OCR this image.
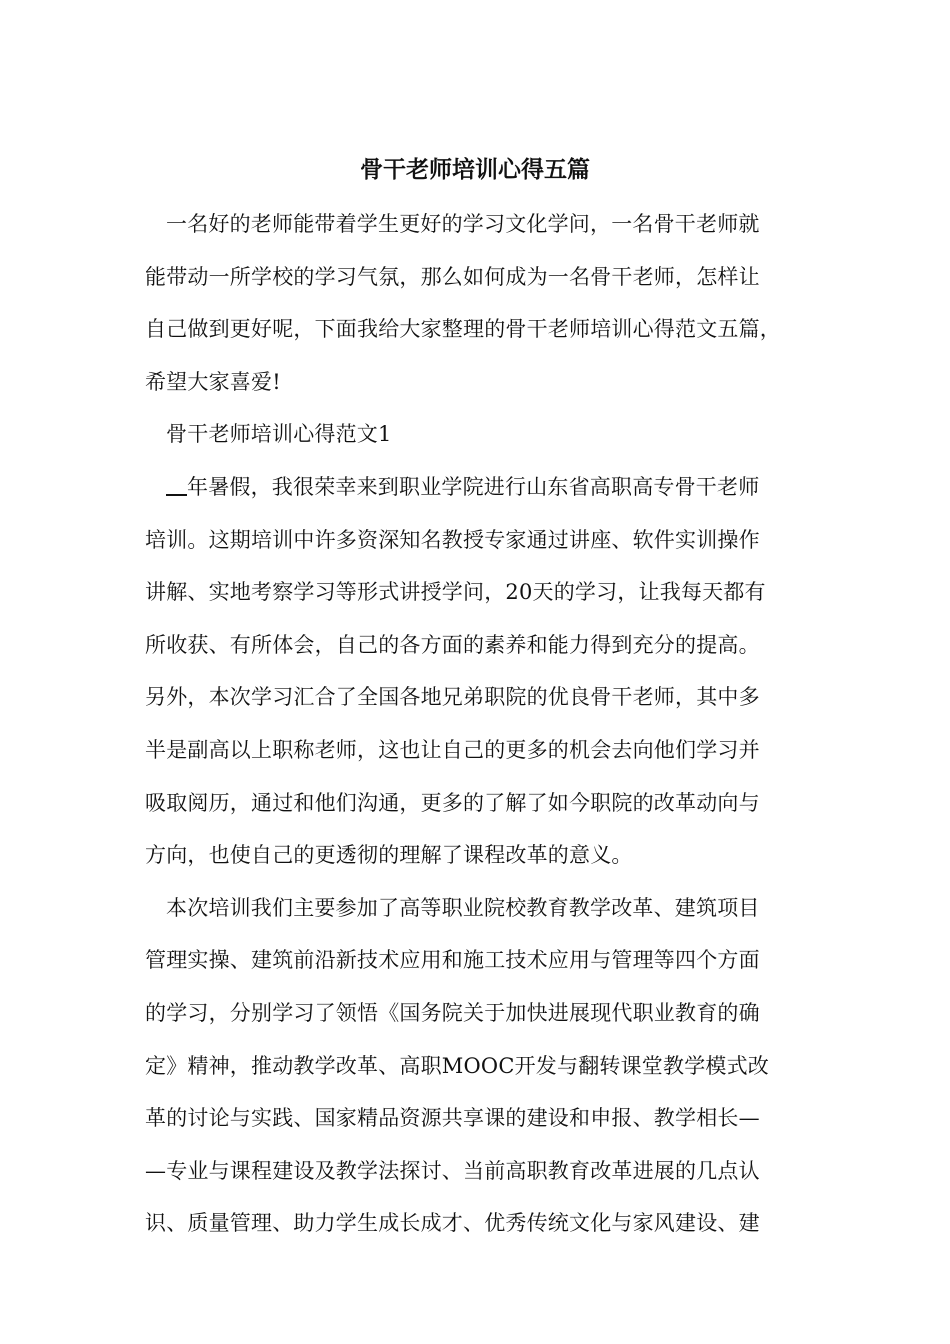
骨干老师培训心得五篇
一名好的老师能带着学生更好的学习文化学问，一名骨干老师就
能带动一所学校的学习气氛，那么如何成为一名骨干老师，怎样让
自己做到更好呢，下面我给大家整理的骨干老师培训心得范文五篇，
希望大家喜爱!
骨干老师培训心得范文1
年暑假，我很荣幸来到职业学院进行山东省高职高专骨干老师
培训。这期培训中许多资深知名教授专家通过讲座、软件实训操作
讲解、实地考察学习等形式讲授学问，20天的学习，让我每天都有
所收获、有所体会，自己的各方面的素养和能力得到充分的提高。
另外，本次学习汇合了全国各地兄弟职院的优良骨干老师，其中多
半是副高以上职称老师，这也让自己的更多的机会去向他们学习并
吸取阅历，通过和他们沟通，更多的了解了如今职院的改革动向与
方向，也使自己的更透彻的理解了课程改革的意义。
本次培训我们主要参加了高等职业院校教育教学改革、建筑项目
管理实操、建筑前沿新技术应用和施工技术应用与管理等四个方面
的学习，分别学习了领悟《国务院关于加快进展现代职业教育的确
定》精神，推动教学改革、高职MOOC开发与翻转课堂教学模式改
革的讨论与实践、国家精品资源共享课的建设和申报、教学相长—
—专业与课程建设及教学法探讨、当前高职教育改革进展的几点认
识、质量管理、助力学生成长成才、优秀传统文化与家风建设、建
